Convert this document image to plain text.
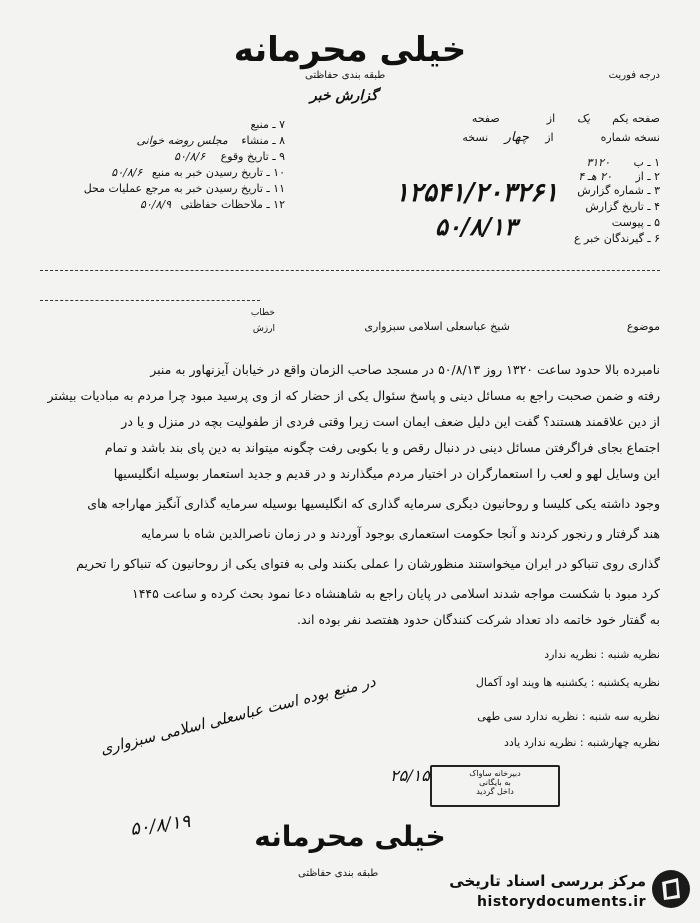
خیلی محرمانه
طبقه بندی حفاظتی	درجه فوریت
گزارش خبر
صفحه یکم یک از  صفحه
نسخه شماره  از چهار نسخه
۱ ـ ب ۳۱۲۰
۲ ـ از ۲۰ هـ ۴
۳ ـ شماره گزارش
۴ ـ تاریخ گزارش
۵ ـ پیوست
۶ ـ گیرندگان خبر ع
۱۲۵۴۱/۲۰۳۲۶۱
۵۰/۸/۱۳
۷ ـ منبع
۸ ـ منشاء مجلس روضه خوانی
۹ ـ تاریخ وقوع ۵۰/۸/۶
۱۰ ـ تاریخ رسیدن خبر به منبع ۵۰/۸/۶
۱۱ ـ تاریخ رسیدن خبر به مرجع عملیات محل
۱۲ ـ ملاحظات حفاظتی ۵۰/۸/۹
خطاب
ارزش	موضوع  شیخ عباسعلی اسلامی سبزواری
نامبرده بالا حدود ساعت ۱۳۲۰ روز ۵۰/۸/۱۳ در مسجد صاحب الزمان واقع در خیابان آیزنهاور به منبر
رفته و ضمن صحبت راجع به مسائل دینی و پاسخ سئوال یکی از حضار که از وی پرسید مبود چرا مردم به مبادیات بیشتر
از دین علاقمند هستند؟ گفت این دلیل ضعف ایمان است زیرا وقتی فردی از طفولیت بچه در منزل و یا در
اجتماع بجای فراگرفتن مسائل دینی در دنبال رقص و یا بکوبی رفت چگونه میتواند به دین پای بند باشد و تمام
این وسایل لهو و لعب را استعمارگران در اختیار مردم میگذارند و در قدیم و جدید استعمار بوسیله انگلیسیها
وجود داشته یکی کلیسا و روحانیون دیگری سرمایه گذاری که انگلیسیها بوسیله سرمایه گذاری آنگیز مهاراجه های
هند گرفتار و رنجور کردند و آنجا حکومت استعماری بوجود آوردند و در زمان ناصرالدین شاه با سرمایه
گذاری روی تنباکو در ایران میخواستند منظورشان را عملی بکنند ولی به فتوای یکی از روحانیون که تنباکو را تحریم
کرد مبود با شکست مواجه شدند اسلامی در پایان راجع به شاهنشاه دعا نمود بحث کرده و ساعت ۱۴۴۵
به گفتار خود خاتمه داد تعداد شرکت کنندگان حدود هفتصد نفر بوده اند.
نظریه شنبه : نظریه ندارد
نظریه یکشنبه : یکشنبه ها ویند اود آکمال
نظریه سه شنبه : نظریه ندارد سی طهی
نظریه چهارشنبه : نظریه ندارد یادد
در منبع بوده است عباسعلی اسلامی سبزواری
۵۰/۸/۱۹
دبیرخانه ساواک
به بایگانی
داخل گردید
۲۵/۱۵
خیلی محرمانه
طبقه بندی حفاظتی	مرکز بررسی اسناد تاریخی
historydocuments.ir
